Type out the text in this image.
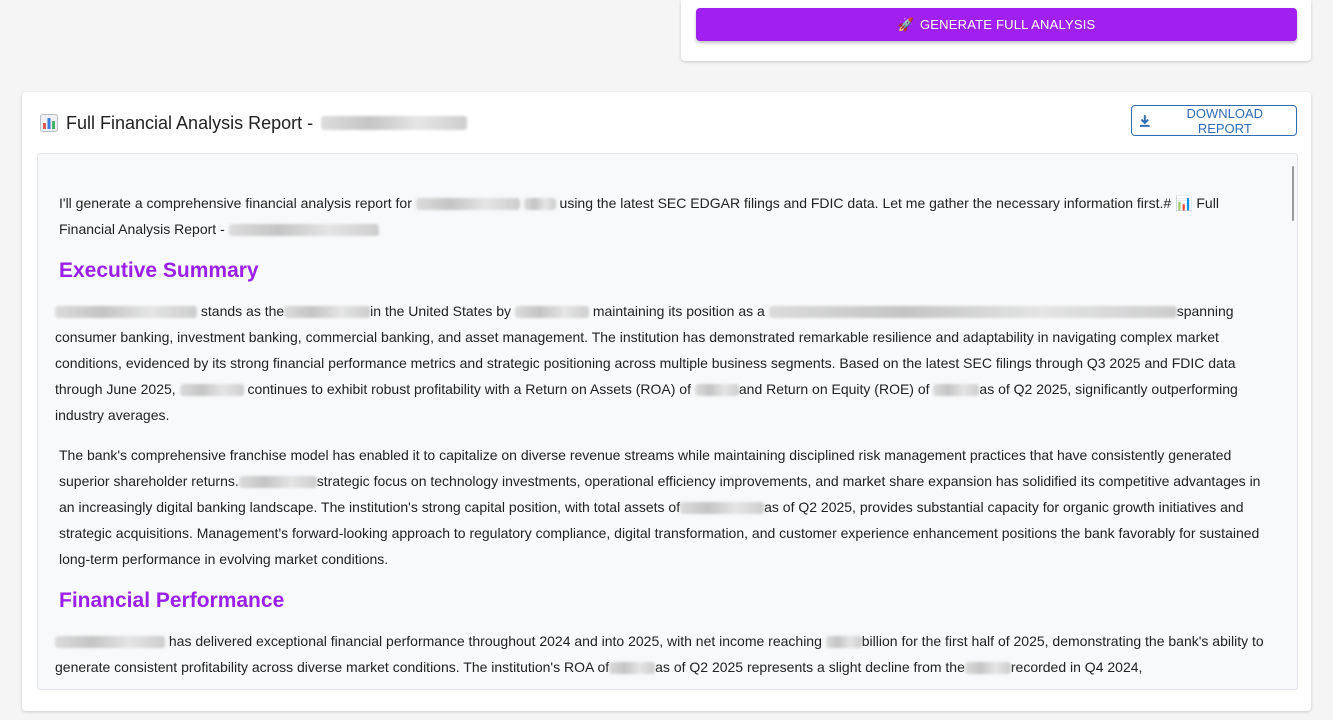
🚀 GENERATE FULL ANALYSIS
Full Financial Analysis Report -	DOWNLOAD REPORT

I'll generate a comprehensive financial analysis report for	using the latest SEC EDGAR filings and FDIC data. Let me gather the necessary information first.# 📊 Full Financial Analysis Report -

Executive Summary

stands as the	in the United States by	maintaining its position as a	spanning consumer banking, investment banking, commercial banking, and asset management. The institution has demonstrated remarkable resilience and adaptability in navigating complex market conditions, evidenced by its strong financial performance metrics and strategic positioning across multiple business segments. Based on the latest SEC filings through Q3 2025 and FDIC data through June 2025,	continues to exhibit robust profitability with a Return on Assets (ROA) of	and Return on Equity (ROE) of	as of Q2 2025, significantly outperforming industry averages.

The bank's comprehensive franchise model has enabled it to capitalize on diverse revenue streams while maintaining disciplined risk management practices that have consistently generated superior shareholder returns.	strategic focus on technology investments, operational efficiency improvements, and market share expansion has solidified its competitive advantages in an increasingly digital banking landscape. The institution's strong capital position, with total assets of	as of Q2 2025, provides substantial capacity for organic growth initiatives and strategic acquisitions. Management's forward-looking approach to regulatory compliance, digital transformation, and customer experience enhancement positions the bank favorably for sustained long-term performance in evolving market conditions.

Financial Performance

has delivered exceptional financial performance throughout 2024 and into 2025, with net income reaching	billion for the first half of 2025, demonstrating the bank's ability to generate consistent profitability across diverse market conditions. The institution's ROA of	as of Q2 2025 represents a slight decline from the	recorded in Q4 2024,
